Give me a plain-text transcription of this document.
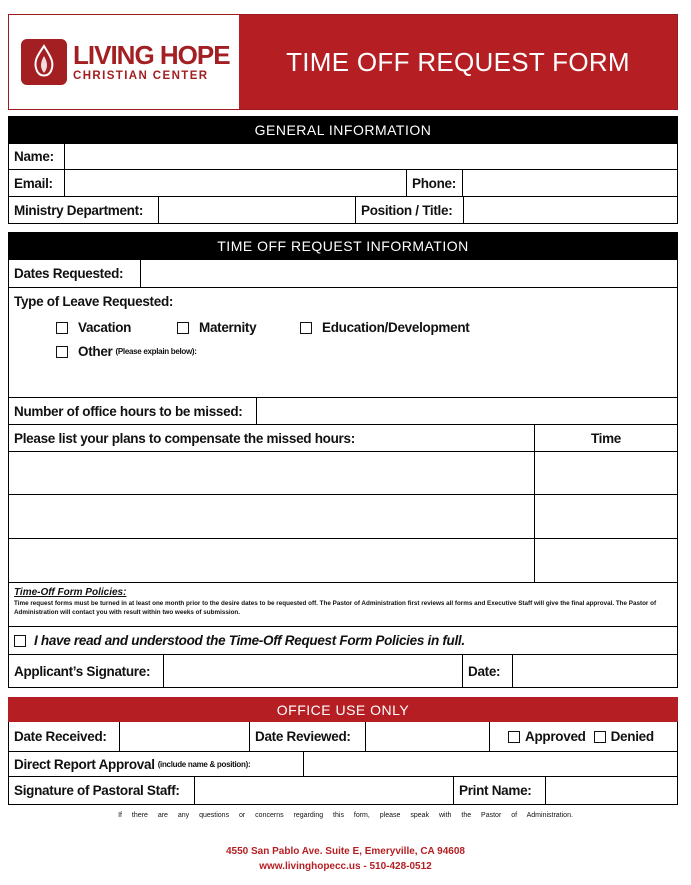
LIVING HOPE
CHRISTIAN CENTER	TIME OFF REQUEST FORM
GENERAL INFORMATION
Name:
Email:	Phone:
Ministry Department:	Position / Title:
TIME OFF REQUEST INFORMATION
Dates Requested:
Type of Leave Requested:
Vacation	Maternity	Education/Development
Other (Please explain below):
Number of office hours to be missed:
Please list your plans to compensate the missed hours:	Time
Time-Off Form Policies:
Time request forms must be turned in at least one month prior to the desire dates to be requested off. The Pastor of Administration first reviews all forms and Executive Staff will give the final approval. The Pastor of Administration will contact you with result within two weeks of submission.
I have read and understood the Time-Off Request Form Policies in full.
Applicant’s Signature:	Date:
OFFICE USE ONLY
Date Received:	Date Reviewed:	Approved Denied
Direct Report Approval (include name & position):
Signature of Pastoral Staff:	Print Name:
If there are any questions or concerns regarding this form, please speak with the Pastor of Administration.
4550 San Pablo Ave. Suite E, Emeryville, CA 94608
www.livinghopecc.us - 510-428-0512
